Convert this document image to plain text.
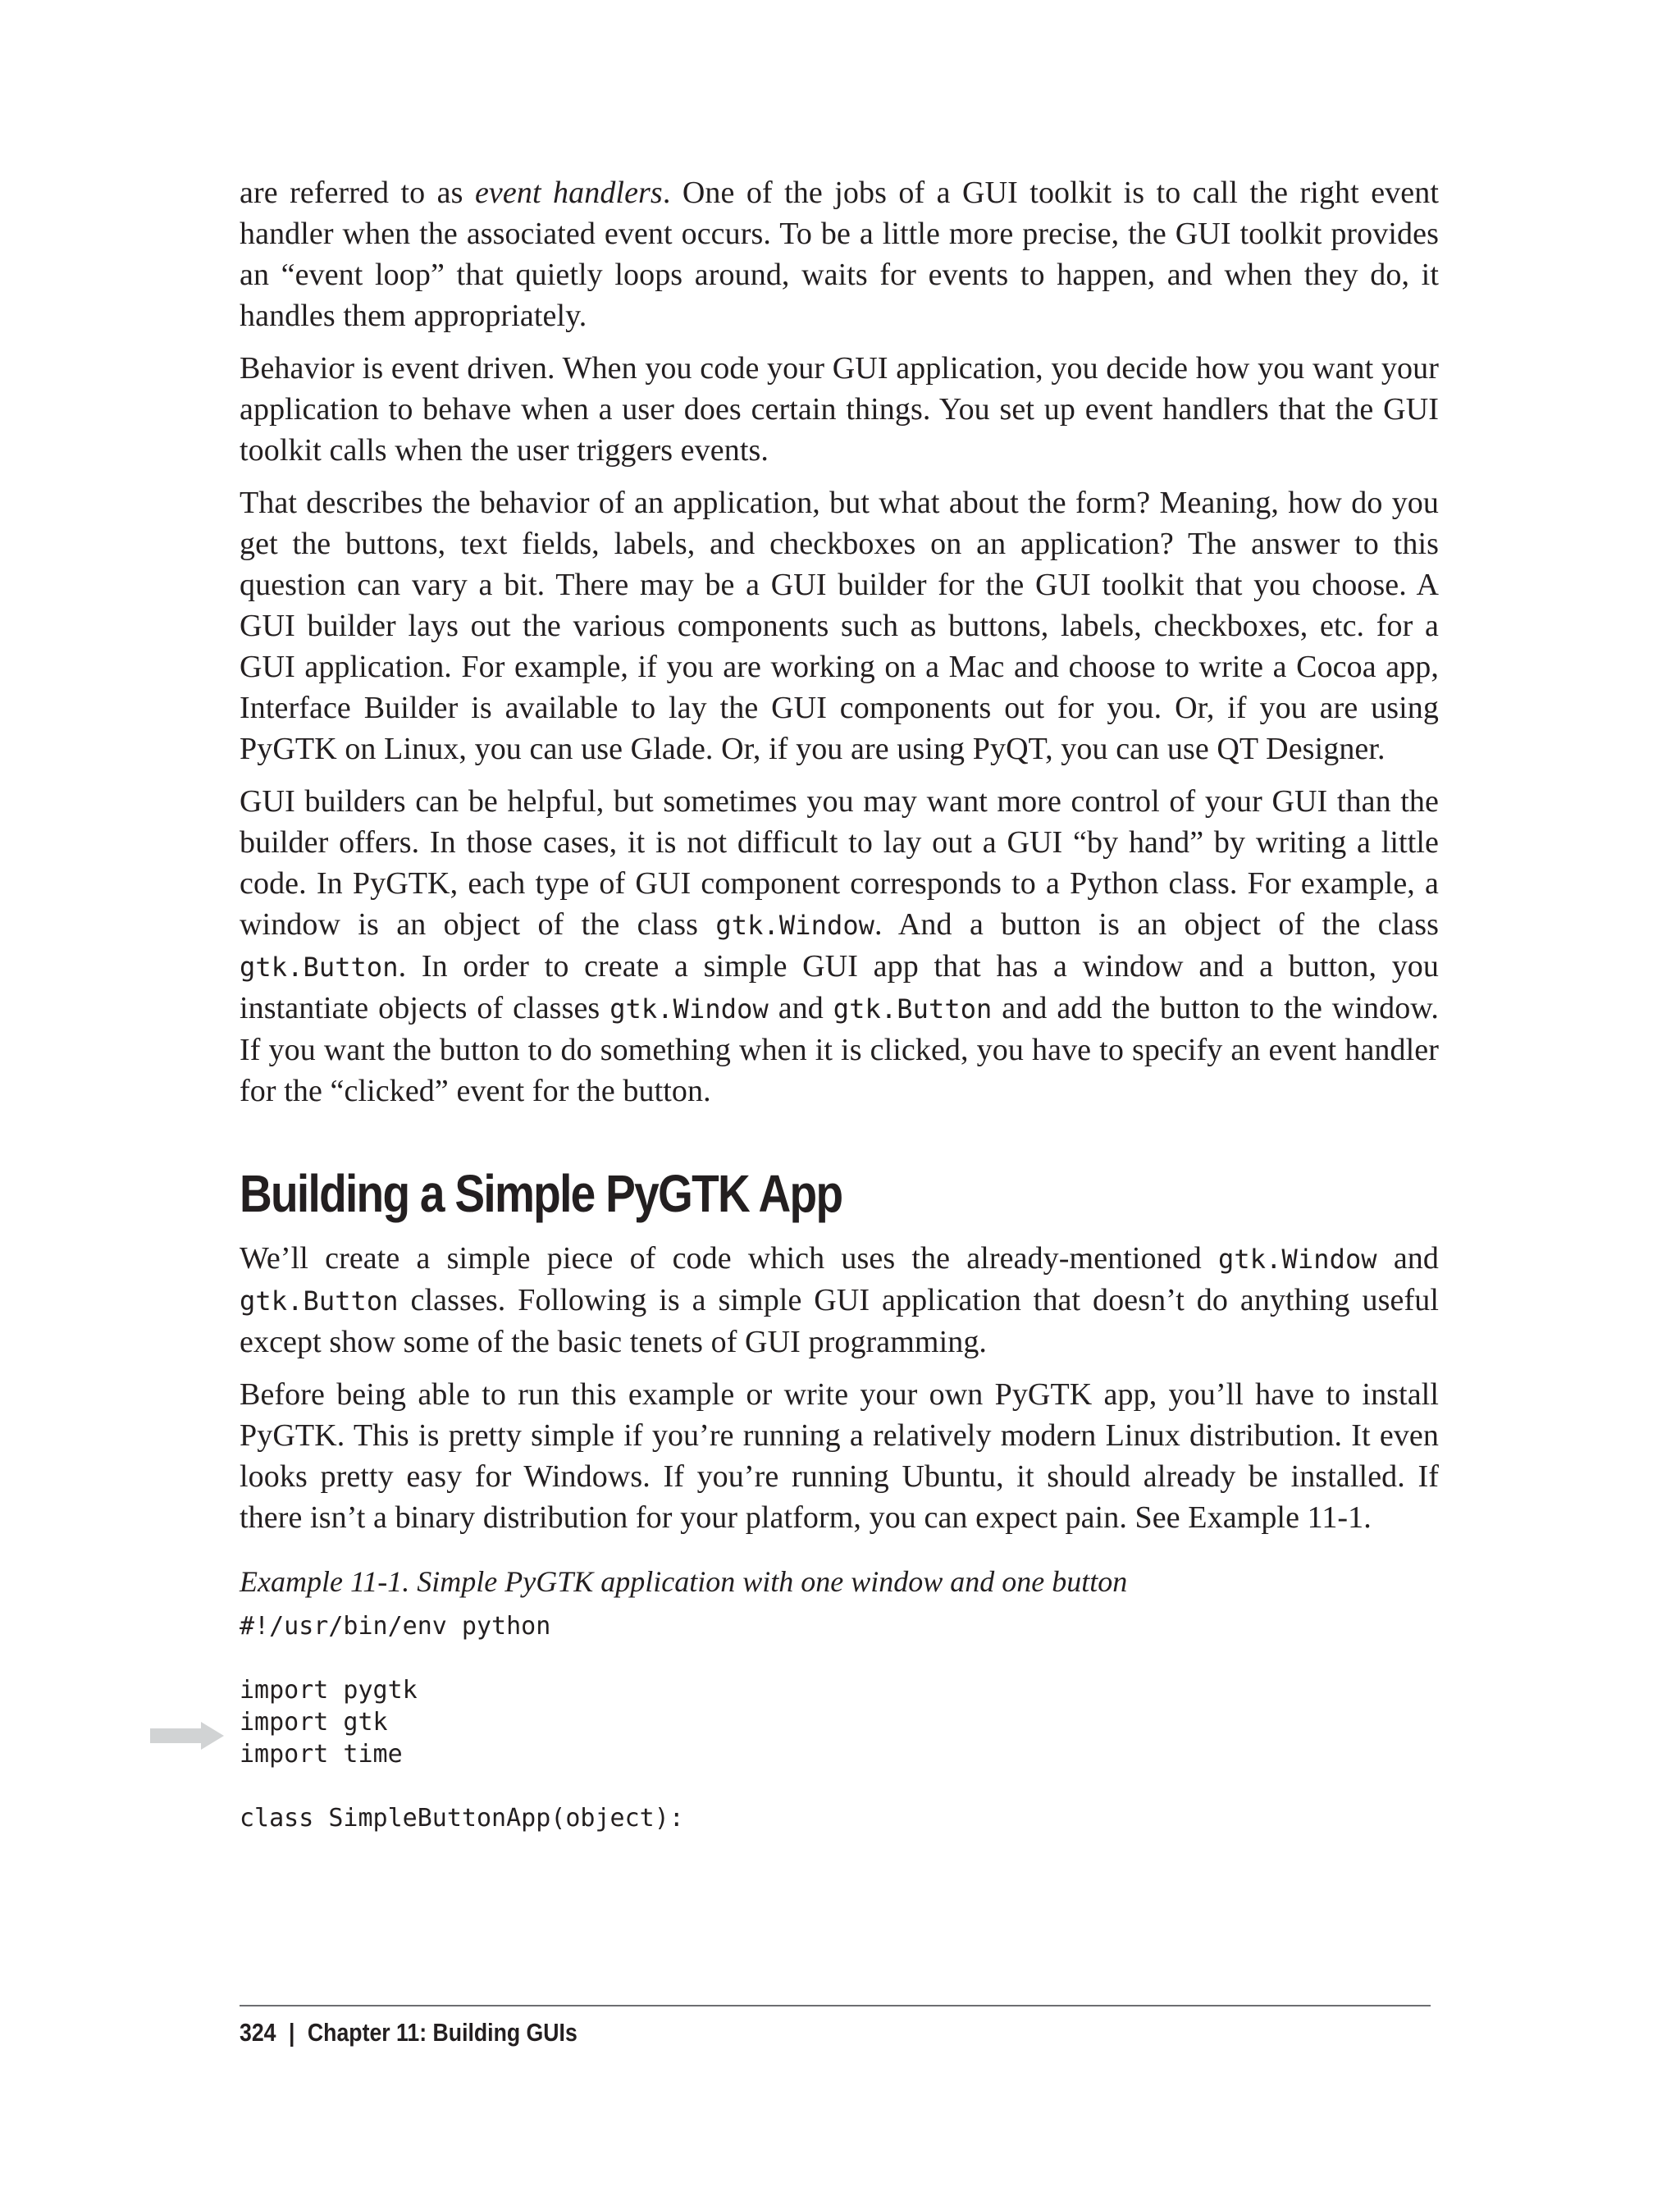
are referred to as event handlers. One of the jobs of a GUI toolkit is to call the right event handler when the associated event occurs. To be a little more precise, the GUI toolkit provides an “event loop” that quietly loops around, waits for events to happen, and when they do, it handles them appropriately.

Behavior is event driven. When you code your GUI application, you decide how you want your application to behave when a user does certain things. You set up event handlers that the GUI toolkit calls when the user triggers events.

That describes the behavior of an application, but what about the form? Meaning, how do you get the buttons, text fields, labels, and checkboxes on an application? The answer to this question can vary a bit. There may be a GUI builder for the GUI toolkit that you choose. A GUI builder lays out the various components such as buttons, labels, checkboxes, etc. for a GUI application. For example, if you are working on a Mac and choose to write a Cocoa app, Interface Builder is available to lay the GUI components out for you. Or, if you are using PyGTK on Linux, you can use Glade. Or, if you are using PyQT, you can use QT Designer.

GUI builders can be helpful, but sometimes you may want more control of your GUI than the builder offers. In those cases, it is not difficult to lay out a GUI “by hand” by writing a little code. In PyGTK, each type of GUI component corresponds to a Python class. For example, a window is an object of the class gtk.Window. And a button is an object of the class gtk.Button. In order to create a simple GUI app that has a window and a button, you instantiate objects of classes gtk.Window and gtk.Button and add the button to the window. If you want the button to do something when it is clicked, you have to specify an event handler for the “clicked” event for the button.

Building a Simple PyGTK App

We’ll create a simple piece of code which uses the already-mentioned gtk.Window and gtk.Button classes. Following is a simple GUI application that doesn’t do anything useful except show some of the basic tenets of GUI programming.

Before being able to run this example or write your own PyGTK app, you’ll have to install PyGTK. This is pretty simple if you’re running a relatively modern Linux distribution. It even looks pretty easy for Windows. If you’re running Ubuntu, it should already be installed. If there isn’t a binary distribution for your platform, you can expect pain. See Example 11-1.

Example 11-1. Simple PyGTK application with one window and one button
#!/usr/bin/env python

import pygtk
import gtk
import time

class SimpleButtonApp(object):
324 | Chapter 11: Building GUIs
